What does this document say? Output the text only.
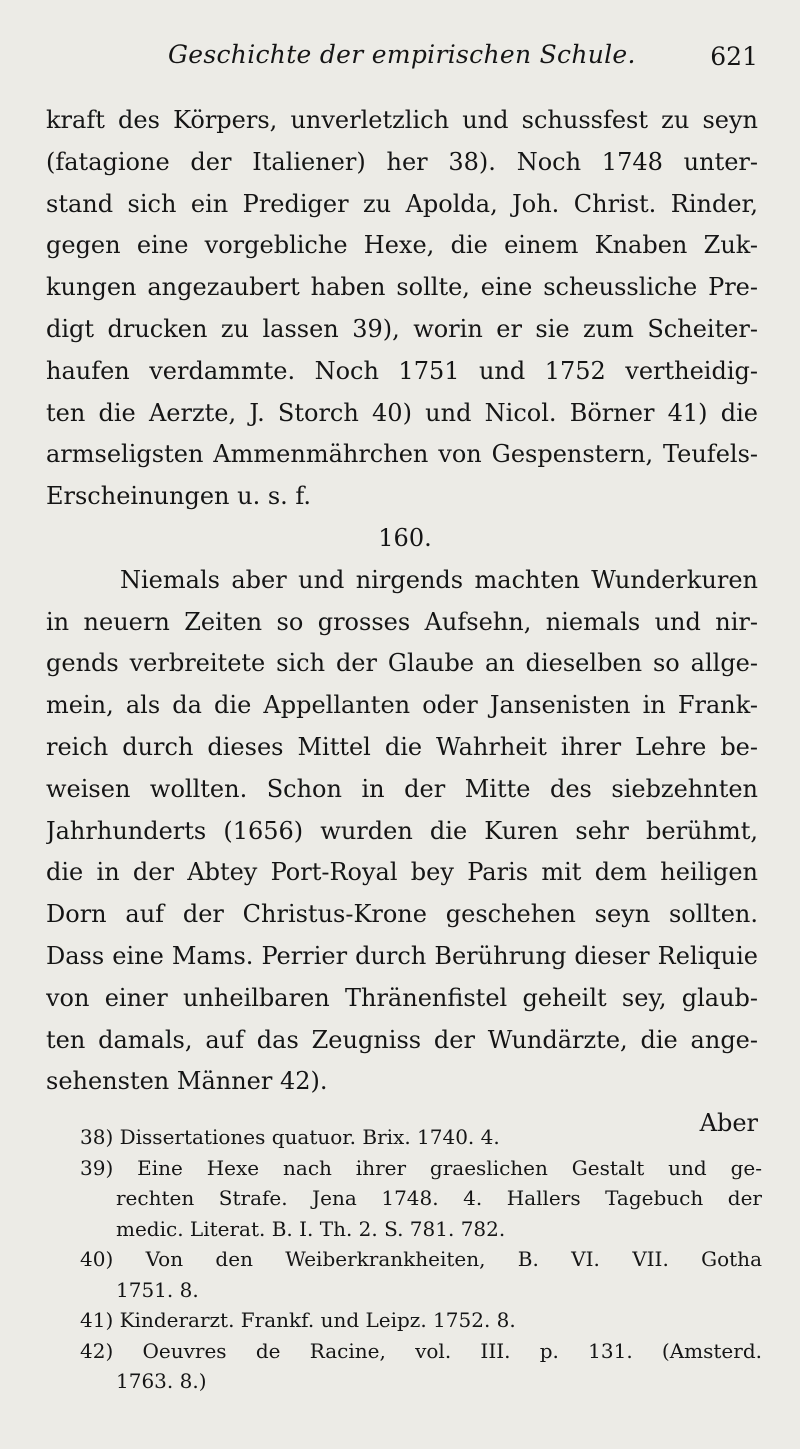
Geschichte der empirischen Schule.	621
kraft des Körpers, unverletzlich und schussfest zu seyn
(fatagione der Italiener) her 38). Noch 1748 unter-
stand sich ein Prediger zu Apolda, Joh. Christ. Rinder,
gegen eine vorgebliche Hexe, die einem Knaben Zuk-
kungen angezaubert haben sollte, eine scheussliche Pre-
digt drucken zu lassen 39), worin er sie zum Scheiter-
haufen verdammte. Noch 1751 und 1752 vertheidig-
ten die Aerzte, J. Storch 40) und Nicol. Börner 41) die
armseligsten Ammenmährchen von Gespenstern, Teufels-
Erscheinungen u. s. f.
160.
Niemals aber und nirgends machten Wunderkuren
in neuern Zeiten so grosses Aufsehn, niemals und nir-
gends verbreitete sich der Glaube an dieselben so allge-
mein, als da die Appellanten oder Jansenisten in Frank-
reich durch dieses Mittel die Wahrheit ihrer Lehre be-
weisen wollten. Schon in der Mitte des siebzehnten
Jahrhunderts (1656) wurden die Kuren sehr berühmt,
die in der Abtey Port-Royal bey Paris mit dem heiligen
Dorn auf der Christus-Krone geschehen seyn sollten.
Dass eine Mams. Perrier durch Berührung dieser Reliquie
von einer unheilbaren Thränenfistel geheilt sey, glaub-
ten damals, auf das Zeugniss der Wundärzte, die ange-
sehensten Männer 42).
Aber
38) Dissertationes quatuor. Brix. 1740. 4.
39) Eine Hexe nach ihrer graeslichen Gestalt und ge-
rechten Strafe. Jena 1748. 4. Hallers Tagebuch der
medic. Literat. B. I. Th. 2. S. 781. 782.
40) Von den Weiberkrankheiten, B. VI. VII. Gotha
1751. 8.
41) Kinderarzt. Frankf. und Leipz. 1752. 8.
42) Oeuvres de Racine, vol. III. p. 131. (Amsterd.
1763. 8.)
